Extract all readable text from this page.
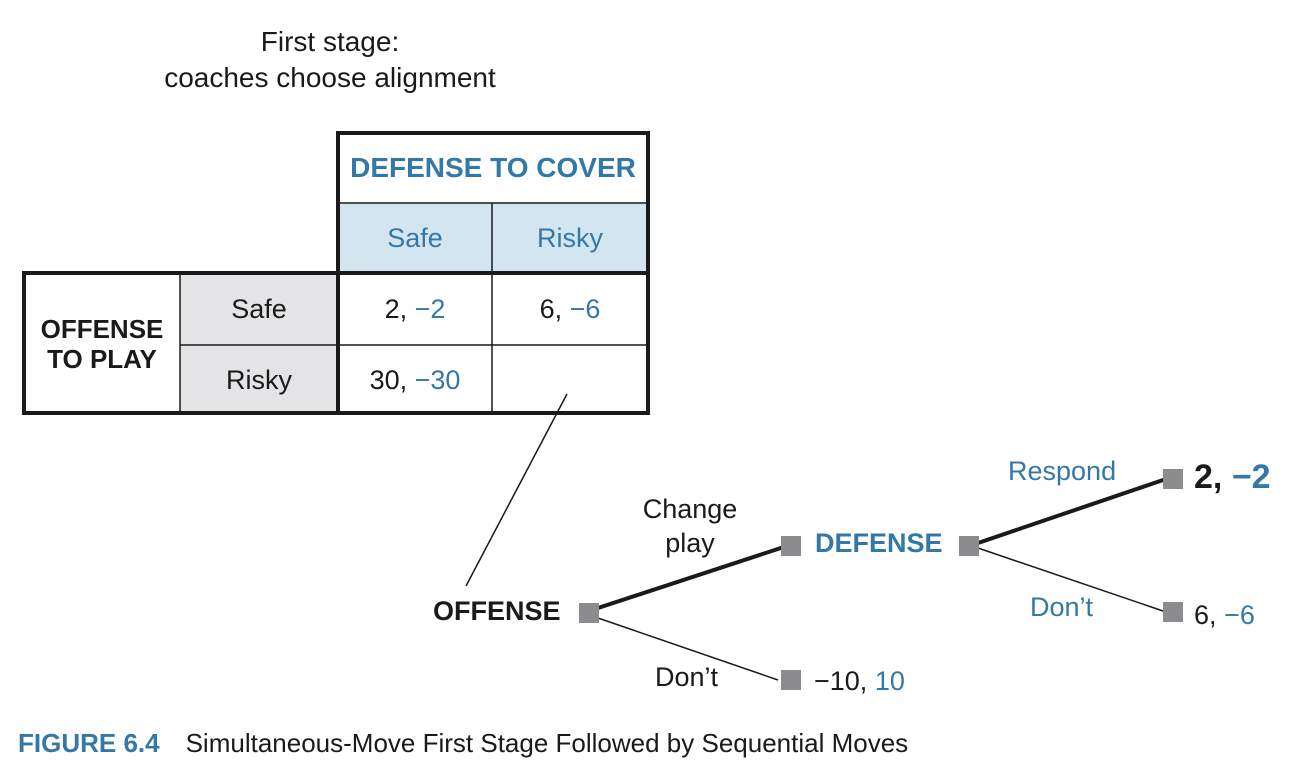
First stage:
coaches choose alignment
DEFENSE TO COVER
Safe	Risky
OFFENSE
TO PLAY
Safe
Risky
2,
−2	6,
−6
30,
−30
OFFENSE
DEFENSE
Change
play
Don’t
Respond
Don’t
2, −2
6, −6
−10, 10
FIGURE 6.4 Simultaneous-Move First Stage Followed by Sequential Moves
